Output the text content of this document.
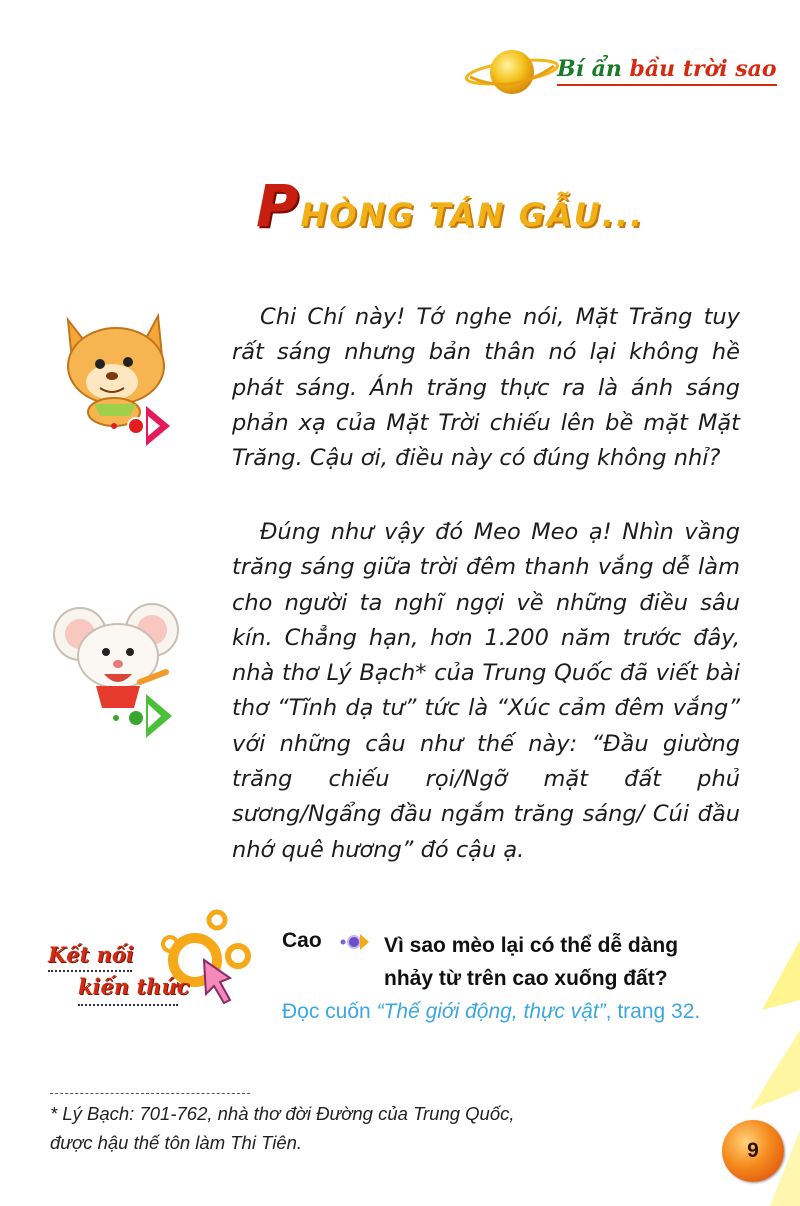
Bí ẩn bầu trời sao
PHÒNG TÁN GẪU...

Chi Chí này! Tớ nghe nói, Mặt Trăng tuy rất sáng nhưng bản thân nó lại không hề phát sáng. Ánh trăng thực ra là ánh sáng phản xạ của Mặt Trời chiếu lên bề mặt Mặt Trăng. Cậu ơi, điều này có đúng không nhỉ?

Đúng như vậy đó Meo Meo ạ! Nhìn vầng trăng sáng giữa trời đêm thanh vắng dễ làm cho người ta nghĩ ngợi về những điều sâu kín. Chẳng hạn, hơn 1.200 năm trước đây, nhà thơ Lý Bạch* của Trung Quốc đã viết bài thơ “Tĩnh dạ tư” tức là “Xúc cảm đêm vắng” với những câu như thế này: “Đầu giường trăng chiếu rọi/Ngỡ mặt đất phủ sương/Ngẩng đầu ngắm trăng sáng/ Cúi đầu nhớ quê hương” đó cậu ạ.

Kết nối
kiến thức
Cao	Vì sao mèo lại có thể dễ dàng nhảy từ trên cao xuống đất?
Đọc cuốn “Thế giới động, thực vật”, trang 32.
* Lý Bạch: 701-762, nhà thơ đời Đường của Trung Quốc, được hậu thế tôn làm Thi Tiên.	9
